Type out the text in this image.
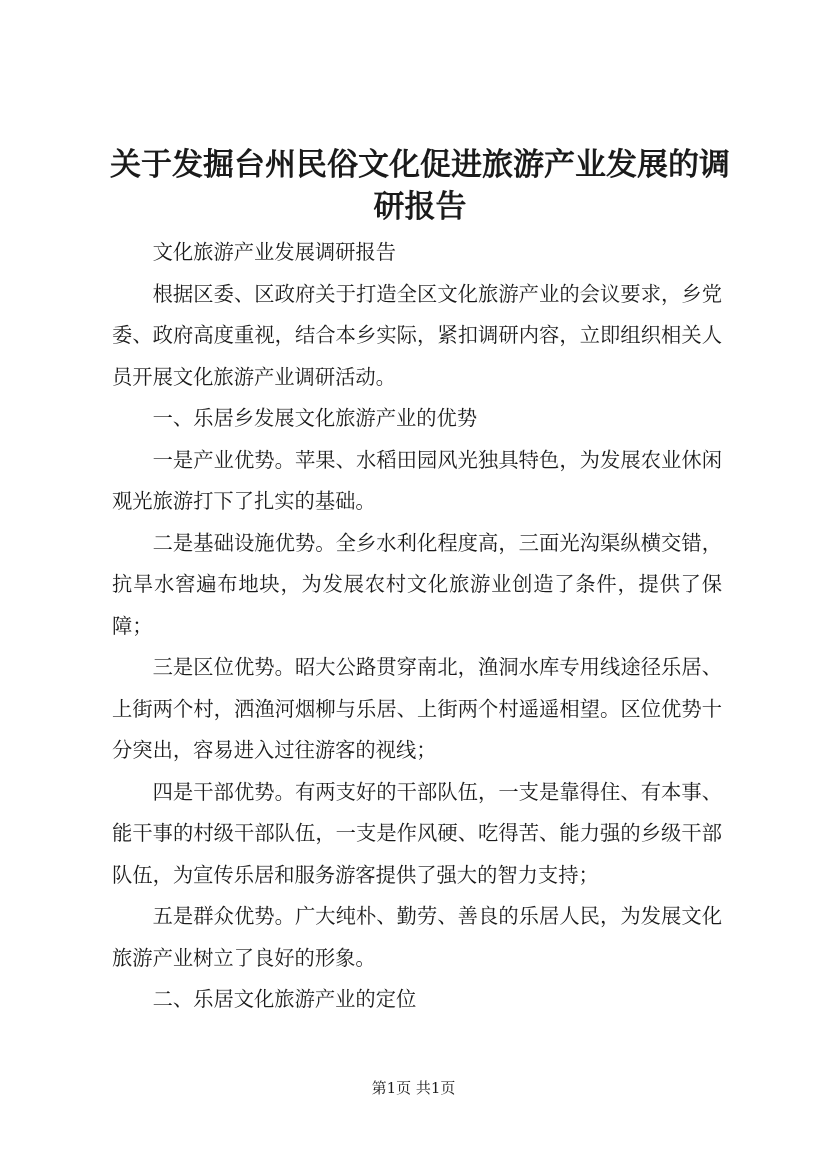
关于发掘台州民俗文化促进旅游产业发展的调研报告

文化旅游产业发展调研报告

根据区委、区政府关于打造全区文化旅游产业的会议要求，乡党委、政府高度重视，结合本乡实际，紧扣调研内容，立即组织相关人员开展文化旅游产业调研活动。

一、乐居乡发展文化旅游产业的优势

一是产业优势。苹果、水稻田园风光独具特色，为发展农业休闲观光旅游打下了扎实的基础。

二是基础设施优势。全乡水利化程度高，三面光沟渠纵横交错，抗旱水窖遍布地块，为发展农村文化旅游业创造了条件，提供了保障；

三是区位优势。昭大公路贯穿南北，渔洞水库专用线途径乐居、上街两个村，洒渔河烟柳与乐居、上街两个村遥遥相望。区位优势十分突出，容易进入过往游客的视线；

四是干部优势。有两支好的干部队伍，一支是靠得住、有本事、能干事的村级干部队伍，一支是作风硬、吃得苦、能力强的乡级干部队伍，为宣传乐居和服务游客提供了强大的智力支持；

五是群众优势。广大纯朴、勤劳、善良的乐居人民，为发展文化旅游产业树立了良好的形象。

二、乐居文化旅游产业的定位

第1页 共1页
